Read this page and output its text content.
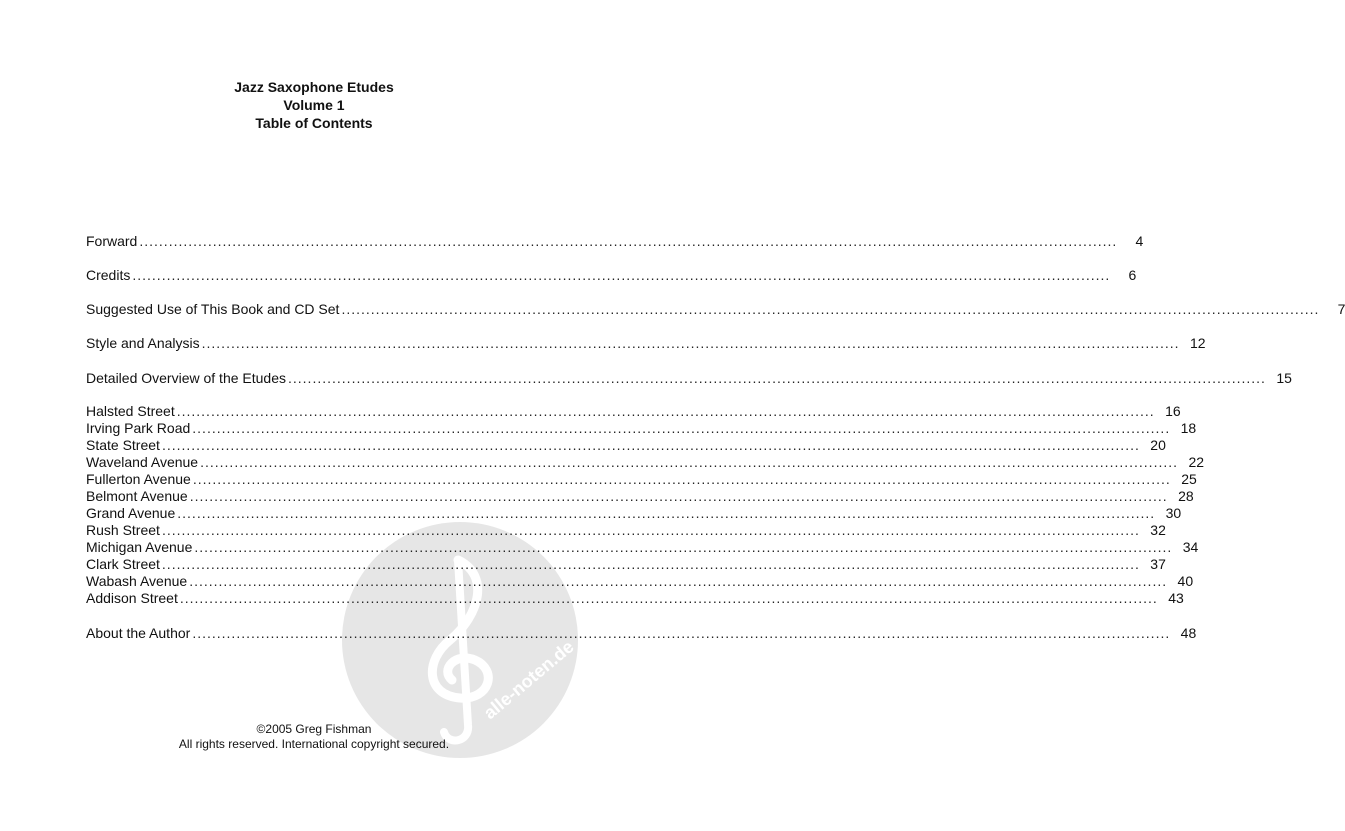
Jazz Saxophone Etudes
Volume 1
Table of Contents
alle-noten.de
Forward ........................................................................................................................................................................................................	4
Credits ........................................................................................................................................................................................................	6
Suggested Use of This Book and CD Set ........................................................................................................................................................................................................	7
Style and Analysis ........................................................................................................................................................................................................ 12
Detailed Overview of the Etudes ........................................................................................................................................................................................................ 15
Halsted Street ........................................................................................................................................................................................................ 16
Irving Park Road ........................................................................................................................................................................................................ 18
State Street ........................................................................................................................................................................................................ 20
Waveland Avenue ........................................................................................................................................................................................................ 22
Fullerton Avenue ........................................................................................................................................................................................................ 25
Belmont Avenue ........................................................................................................................................................................................................ 28
Grand Avenue ........................................................................................................................................................................................................ 30
Rush Street ........................................................................................................................................................................................................ 32
Michigan Avenue ........................................................................................................................................................................................................ 34
Clark Street ........................................................................................................................................................................................................ 37
Wabash Avenue ........................................................................................................................................................................................................ 40
Addison Street ........................................................................................................................................................................................................ 43
About the Author ........................................................................................................................................................................................................ 48
©2005 Greg Fishman
All rights reserved. International copyright secured.
